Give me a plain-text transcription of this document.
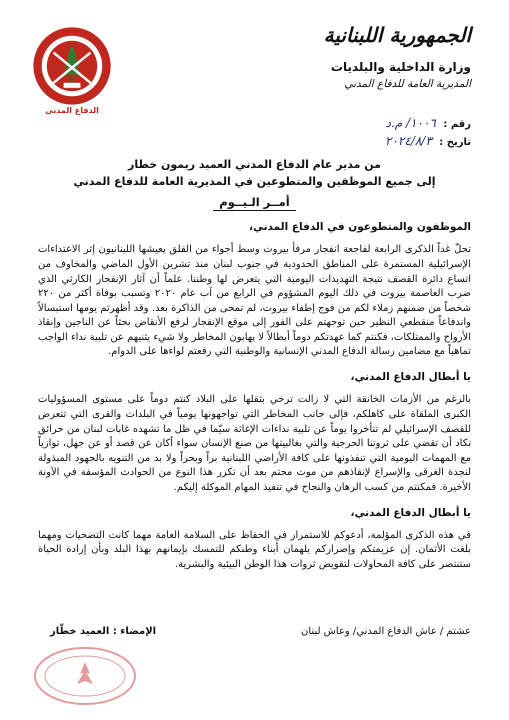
الدفاع المدني
الجمهورية اللبنانية
وزارة الداخلية والبلديات
المديرية العامة للدفاع المدني
رقم : ١٠٠٦/ م.د
تاريخ : ٢٠٢٤/٨/٣
من مدير عام الدفاع المدني العميد ريمون خطار
إلى جميع الموظفين والمتطوعين في المديرية العامة للدفاع المدني
أمــر الـيــوم
الموظفون والمتطوعون في الدفاع المدني،

تحلّ غداً الذكرى الرابعة لفاجعة انفجار مرفأ بيروت وسط أجواء من القلق يعيشها اللبنانيون إثر الاعتداءات الإسرائيلية المستمرة على المناطق الحدودية في جنوب لبنان منذ تشرين الأول الماضي والمخاوف من اتساع دائرة القصف نتيجة التهديدات اليومية التي يتعرض لها وطننا. علماً أن آثار الإنفجار الكارثي الذي ضرب العاصمة بيروت في ذلك اليوم المشؤوم في الرابع من آب عام ٢٠٢٠ وتسبب بوفاة أكثر من ٢٢٠ شخصاً من ضمنهم زملاء لكم من فوج إطفاء بيروت، لم تمحى من الذاكرة بعد. وقد أظهرتم يومها استبسالاً واندفاعاً منقطعي النظير حين توجهتم على الفور إلى موقع الإنفجار لرفع الأنقاض بحثاً عن الناجين وإنقاذ الأرواح والممتلكات، فكنتم كما عهدتكم دوماً أبطالاً لا يهابون المخاطر ولا شيء يثنيهم عن تلبية نداء الواجب تماهياً مع مضامين رسالة الدفاع المدني الإنسانية والوطنية التي رفعتم لواءها على الدوام.

يا أبطال الدفاع المدني،

بالرغم من الأزمات الخانقة التي لا زالت ترخي بثقلها على البلاد كنتم دوماً على مستوى المسؤوليات الكبرى الملقاة على كاهلكم، فإلى جانب المخاطر التي تواجهونها يومياً في البلدات والقرى التي تتعرض للقصف الإسرائيلي لم تتأخروا يوماً عن تلبية نداءات الإغاثة سيّما في ظل ما تشهده غابات لبنان من حرائق تكاد أن تقضي على ثروتنا الحرجية والتي بغالبيتها من صنع الإنسان سواء أكان عن قصد أو عن جهل، توازياً مع المهمات اليومية التي تنفذونها على كافة الأراضي اللبنانية براً وبحراً ولا بد من التنويه بالجهود المبذولة لنجدة الغرقى والإسراع لإنقاذهم من موت محتم بعد أن تكرر هذا النوع من الحوادث المؤسفة في الآونة الأخيرة. فمكنتم من كسب الرهان والنجاح في تنفيذ المهام الموكلة إليكم.

يا أبطال الدفاع المدني،

في هذه الذكرى المؤلمة، أدعوكم للاستمرار في الحفاظ على السلامة العامة مهما كانت التضحيات ومهما بلغت الأثمان. إن عزيمتكم وإصراركم يلهمان أبناء وطنكم للتمسك بإيمانهم بهذا البلد وبأن إرادة الحياة ستنتصر على كافة المحاولات لتقويض ثروات هذا الوطن البيئية والبشرية.

عشتم / عاش الدفاع المدني/ وعاش لبنان
الإمضاء : العميد خطّار
